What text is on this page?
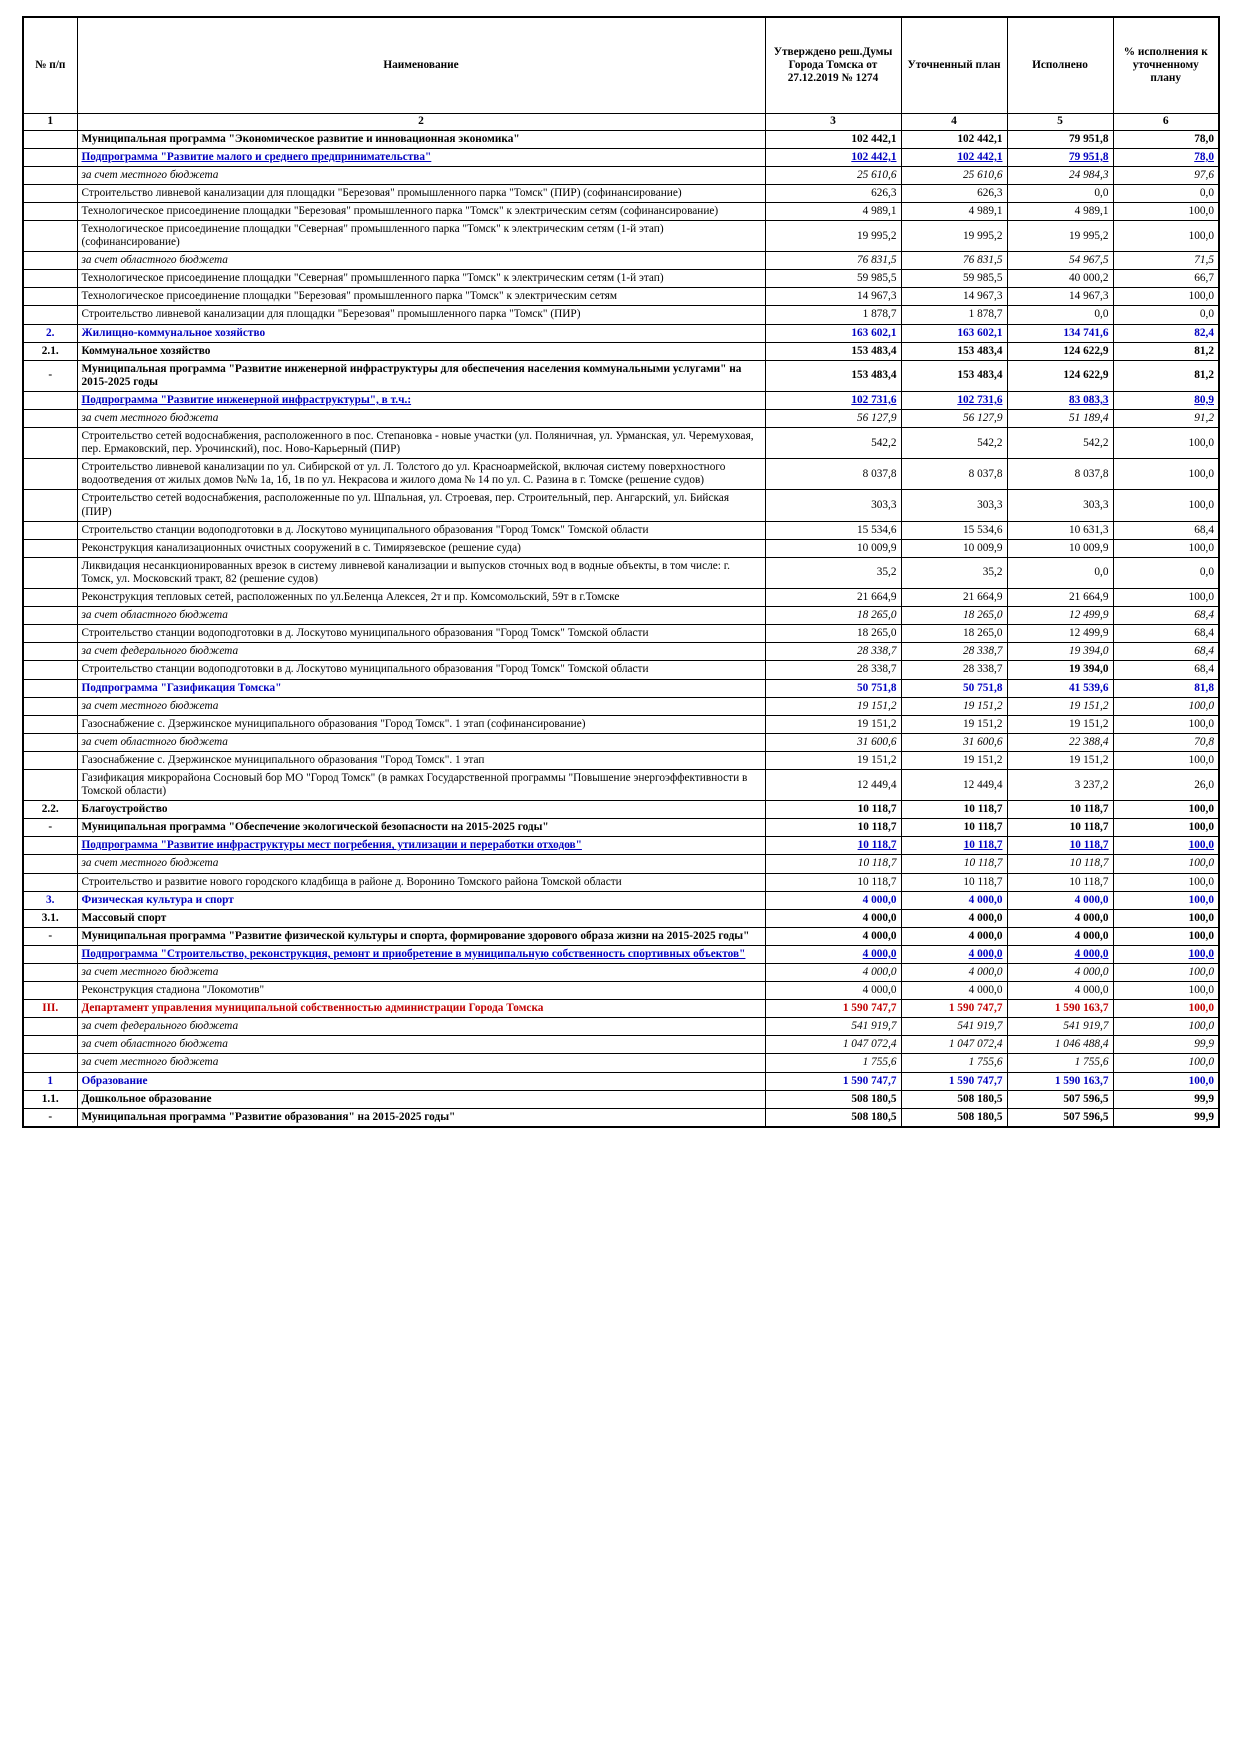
№ п/п	Наименование	Утверждено реш.Думы Города Томска от 27.12.2019 № 1274	Уточненный план	Исполнено	% исполнения к уточненному плану
1	2	3	4	5	6
	Муниципальная программа "Экономическое развитие и инновационная экономика"	102 442,1	102 442,1	79 951,8	78,0
	Подпрограмма "Развитие малого и среднего предпринимательства"	102 442,1	102 442,1	79 951,8	78,0
	за счет местного бюджета	25 610,6	25 610,6	24 984,3	97,6
	Строительство ливневой канализации для площадки "Березовая" промышленного парка "Томск" (ПИР) (софинансирование)	626,3	626,3	0,0	0,0
	Технологическое присоединение площадки "Березовая" промышленного парка "Томск" к электрическим сетям (софинансирование)	4 989,1	4 989,1	4 989,1	100,0
	Технологическое присоединение площадки "Северная" промышленного парка "Томск" к электрическим сетям (1-й этап) (софинансирование)	19 995,2	19 995,2	19 995,2	100,0
	за счет областного бюджета	76 831,5	76 831,5	54 967,5	71,5
	Технологическое присоединение площадки "Северная" промышленного парка "Томск" к электрическим сетям (1-й этап)	59 985,5	59 985,5	40 000,2	66,7
	Технологическое присоединение площадки "Березовая" промышленного парка "Томск" к электрическим сетям	14 967,3	14 967,3	14 967,3	100,0
	Строительство ливневой канализации для площадки "Березовая" промышленного парка "Томск" (ПИР)	1 878,7	1 878,7	0,0	0,0
2.	Жилищно-коммунальное хозяйство	163 602,1	163 602,1	134 741,6	82,4
2.1.	Коммунальное хозяйство	153 483,4	153 483,4	124 622,9	81,2
-	Муниципальная программа "Развитие инженерной инфраструктуры для обеспечения населения коммунальными услугами" на 2015-2025 годы	153 483,4	153 483,4	124 622,9	81,2
	Подпрограмма "Развитие инженерной инфраструктуры", в т.ч.:	102 731,6	102 731,6	83 083,3	80,9
	за счет местного бюджета	56 127,9	56 127,9	51 189,4	91,2
	Строительство сетей водоснабжения, расположенного в пос. Степановка - новые участки (ул. Поляничная, ул. Урманская, ул. Черемуховая, пер. Ермаковский, пер. Урочинский), пос. Ново-Карьерный (ПИР)	542,2	542,2	542,2	100,0
	Строительство ливневой канализации по ул. Сибирской от ул. Л. Толстого до ул. Красноармейской, включая систему поверхностного водоотведения от жилых домов №№ 1а, 1б, 1в по ул. Некрасова и жилого дома № 14 по ул. С. Разина в г. Томске (решение судов)	8 037,8	8 037,8	8 037,8	100,0
	Строительство сетей водоснабжения, расположенные по ул. Шпальная, ул. Строевая, пер. Строительный, пер. Ангарский, ул. Бийская (ПИР)	303,3	303,3	303,3	100,0
	Строительство станции водоподготовки в д. Лоскутово муниципального образования "Город Томск" Томской области	15 534,6	15 534,6	10 631,3	68,4
	Реконструкция канализационных очистных сооружений в с. Тимирязевское (решение суда)	10 009,9	10 009,9	10 009,9	100,0
	Ликвидация несанкционированных врезок в систему ливневой канализации и выпусков сточных вод в водные объекты, в том числе: г. Томск, ул. Московский тракт, 82 (решение судов)	35,2	35,2	0,0	0,0
	Реконструкция тепловых сетей, расположенных по ул.Беленца Алексея, 2т и пр. Комсомольский, 59т в г.Томске	21 664,9	21 664,9	21 664,9	100,0
	за счет областного бюджета	18 265,0	18 265,0	12 499,9	68,4
	Строительство станции водоподготовки в д. Лоскутово муниципального образования "Город Томск" Томской области	18 265,0	18 265,0	12 499,9	68,4
	за счет федерального бюджета	28 338,7	28 338,7	19 394,0	68,4
	Строительство станции водоподготовки в д. Лоскутово муниципального образования "Город Томск" Томской области	28 338,7	28 338,7	19 394,0	68,4
	Подпрограмма "Газификация Томска"	50 751,8	50 751,8	41 539,6	81,8
	за счет местного бюджета	19 151,2	19 151,2	19 151,2	100,0
	Газоснабжение с. Дзержинское муниципального образования "Город Томск". 1 этап (софинансирование)	19 151,2	19 151,2	19 151,2	100,0
	за счет областного бюджета	31 600,6	31 600,6	22 388,4	70,8
	Газоснабжение с. Дзержинское муниципального образования "Город Томск". 1 этап	19 151,2	19 151,2	19 151,2	100,0
	Газификация микрорайона Сосновый бор МО "Город Томск" (в рамках Государственной программы "Повышение энергоэффективности в Томской области)	12 449,4	12 449,4	3 237,2	26,0
2.2.	Благоустройство	10 118,7	10 118,7	10 118,7	100,0
-	Муниципальная программа "Обеспечение экологической безопасности на 2015-2025 годы"	10 118,7	10 118,7	10 118,7	100,0
	Подпрограмма "Развитие инфраструктуры мест погребения, утилизации и переработки отходов"	10 118,7	10 118,7	10 118,7	100,0
	за счет местного бюджета	10 118,7	10 118,7	10 118,7	100,0
	Строительство и развитие нового городского кладбища в районе д. Воронино Томского района Томской области	10 118,7	10 118,7	10 118,7	100,0
3.	Физическая культура и спорт	4 000,0	4 000,0	4 000,0	100,0
3.1.	Массовый спорт	4 000,0	4 000,0	4 000,0	100,0
-	Муниципальная программа "Развитие физической культуры и спорта, формирование здорового образа жизни на 2015-2025 годы"	4 000,0	4 000,0	4 000,0	100,0
	Подпрограмма "Строительство, реконструкция, ремонт и приобретение в муниципальную собственность спортивных объектов"	4 000,0	4 000,0	4 000,0	100,0
	за счет местного бюджета	4 000,0	4 000,0	4 000,0	100,0
	Реконструкция стадиона "Локомотив"	4 000,0	4 000,0	4 000,0	100,0
III.	Департамент управления муниципальной собственностью администрации Города Томска	1 590 747,7	1 590 747,7	1 590 163,7	100,0
	за счет федерального бюджета	541 919,7	541 919,7	541 919,7	100,0
	за счет областного бюджета	1 047 072,4	1 047 072,4	1 046 488,4	99,9
	за счет местного бюджета	1 755,6	1 755,6	1 755,6	100,0
1	Образование	1 590 747,7	1 590 747,7	1 590 163,7	100,0
1.1.	Дошкольное образование	508 180,5	508 180,5	507 596,5	99,9
-	Муниципальная программа "Развитие образования" на 2015-2025 годы"	508 180,5	508 180,5	507 596,5	99,9
